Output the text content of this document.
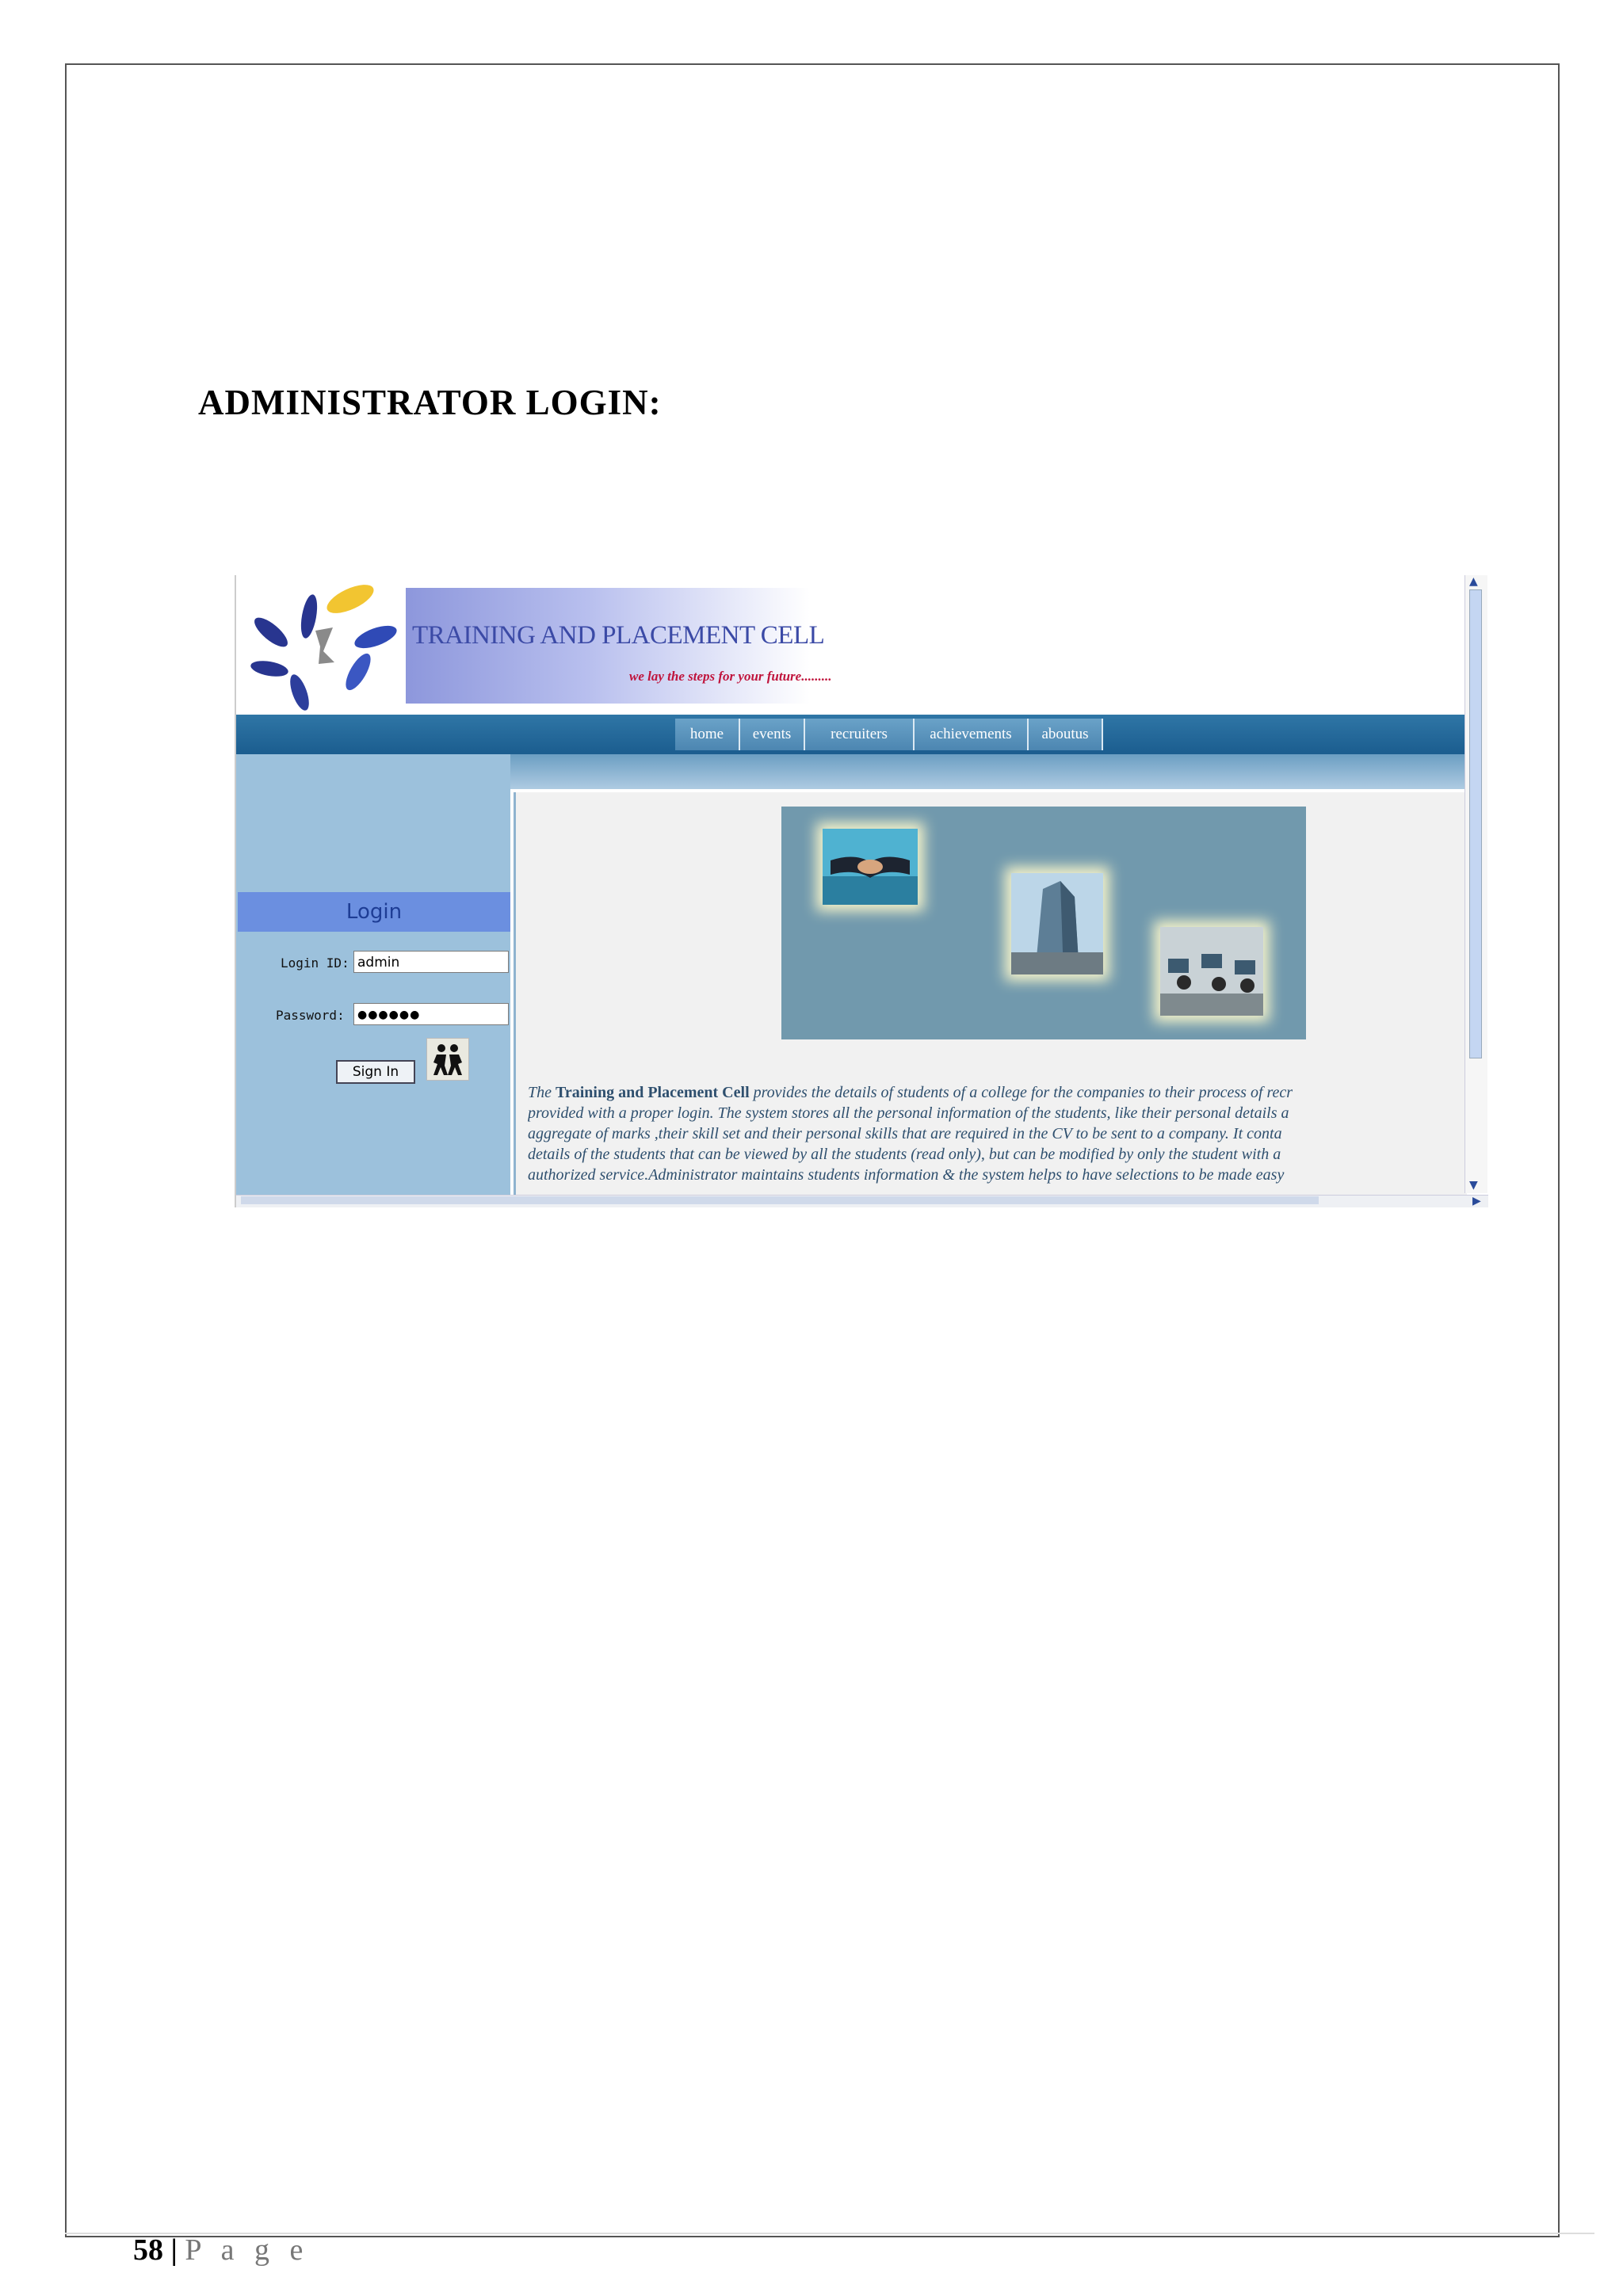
ADMINISTRATOR LOGIN:
TRAINING AND PLACEMENT CELL
we lay the steps for your future.........
home	events	recruiters	achievements	aboutus
Login
Login ID: admin
Password:	●●●●●●
Sign In
The Training and Placement Cell provides the details of students of a college for the companies to their process of recr
provided with a proper login. The system stores all the personal information of the students, like their personal details a
aggregate of marks ,their skill set and their personal skills that are required in the CV to be sent to a company. It conta
details of the students that can be viewed by all the students (read only), but can be modified by only the student with a
authorized service.Administrator maintains students information & the system helps to have selections to be made easy
▲
▼
▶
58 | P a g e
